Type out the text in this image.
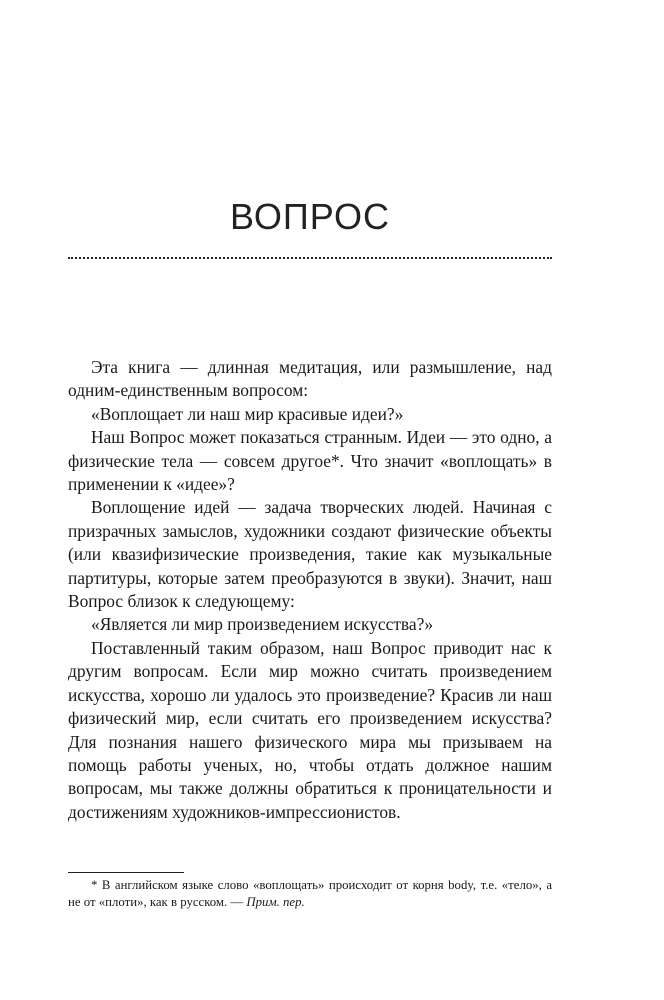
ВОПРОС

Эта книга — длинная медитация, или размышление, над одним-единственным вопросом:

«Воплощает ли наш мир красивые идеи?»

Наш Вопрос может показаться странным. Идеи — это одно, а физические тела — совсем другое*. Что значит «воплощать» в применении к «идее»?

Воплощение идей — задача творческих людей. Начиная с призрачных замыслов, художники создают физические объекты (или квазифизические произведения, такие как музыкальные партитуры, которые затем преобразуются в звуки). Значит, наш Вопрос близок к следующему:

«Является ли мир произведением искусства?»

Поставленный таким образом, наш Вопрос приводит нас к другим вопросам. Если мир можно считать произведением искусства, хорошо ли удалось это произведение? Красив ли наш физический мир, если считать его произведением искусства? Для познания нашего физического мира мы призываем на помощь работы ученых, но, чтобы отдать должное нашим вопросам, мы также должны обратиться к проницательности и достижениям художников-импрессионистов.

* В английском языке слово «воплощать» происходит от корня body, т.е. «тело», а не от «плоти», как в русском. — Прим. пер.
